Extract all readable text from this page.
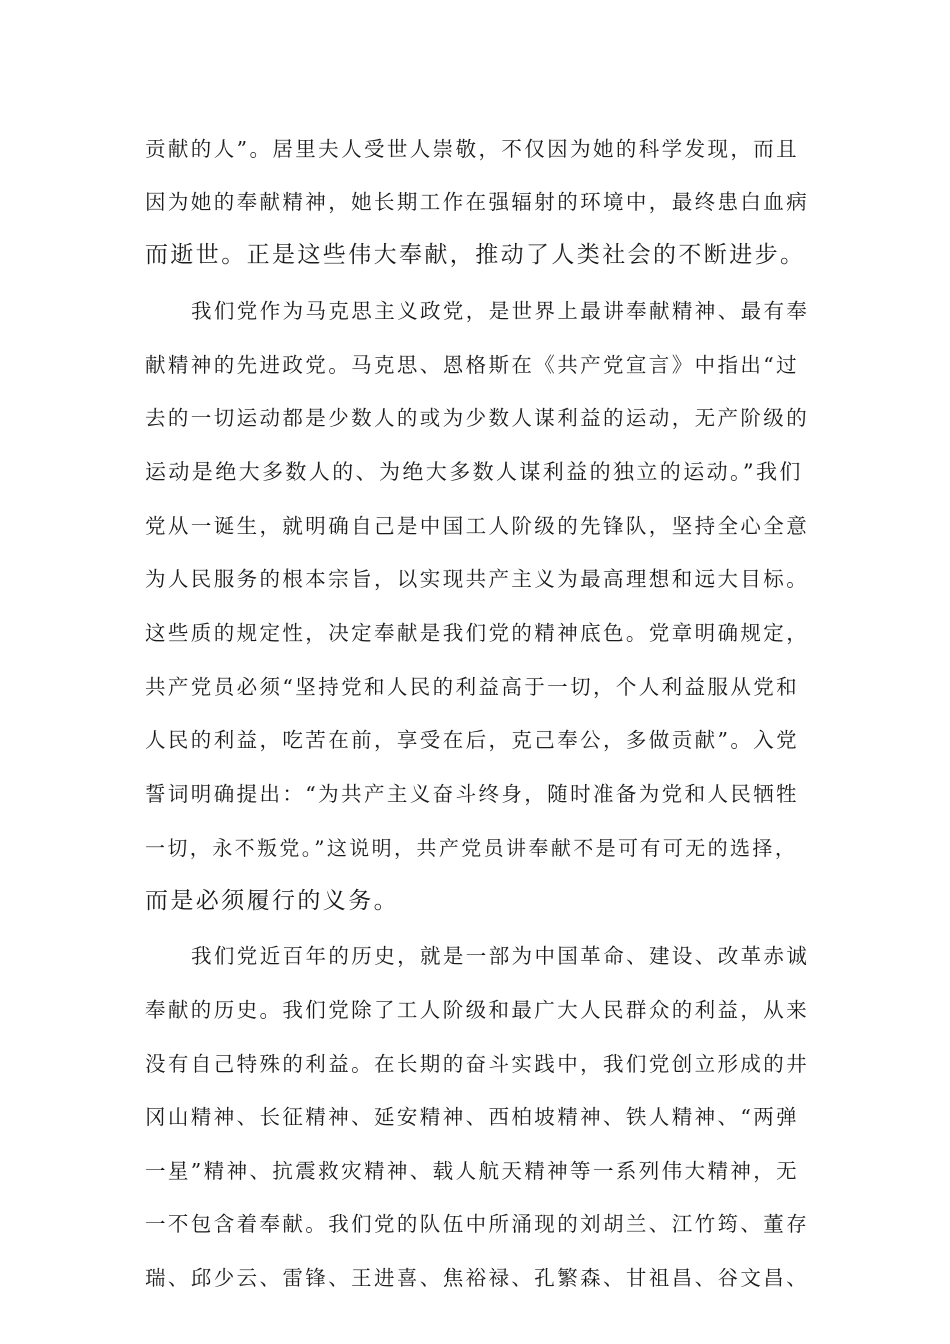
贡献的人”。居里夫人受世人崇敬，不仅因为她的科学发现，而且
因为她的奉献精神，她长期工作在强辐射的环境中，最终患白血病
而逝世。正是这些伟大奉献，推动了人类社会的不断进步。
我们党作为马克思主义政党，是世界上最讲奉献精神、最有奉
献精神的先进政党。马克思、恩格斯在《共产党宣言》中指出“过
去的一切运动都是少数人的或为少数人谋利益的运动，无产阶级的
运动是绝大多数人的、为绝大多数人谋利益的独立的运动。”我们
党从一诞生，就明确自己是中国工人阶级的先锋队，坚持全心全意
为人民服务的根本宗旨，以实现共产主义为最高理想和远大目标。
这些质的规定性，决定奉献是我们党的精神底色。党章明确规定，
共产党员必须“坚持党和人民的利益高于一切，个人利益服从党和
人民的利益，吃苦在前，享受在后，克己奉公，多做贡献”。入党
誓词明确提出：“为共产主义奋斗终身，随时准备为党和人民牺牲
一切，永不叛党。”这说明，共产党员讲奉献不是可有可无的选择，
而是必须履行的义务。
我们党近百年的历史，就是一部为中国革命、建设、改革赤诚
奉献的历史。我们党除了工人阶级和最广大人民群众的利益，从来
没有自己特殊的利益。在长期的奋斗实践中，我们党创立形成的井
冈山精神、长征精神、延安精神、西柏坡精神、铁人精神、“两弹
一星”精神、抗震救灾精神、载人航天精神等一系列伟大精神，无
一不包含着奉献。我们党的队伍中所涌现的刘胡兰、江竹筠、董存
瑞、邱少云、雷锋、王进喜、焦裕禄、孔繁森、甘祖昌、谷文昌、
